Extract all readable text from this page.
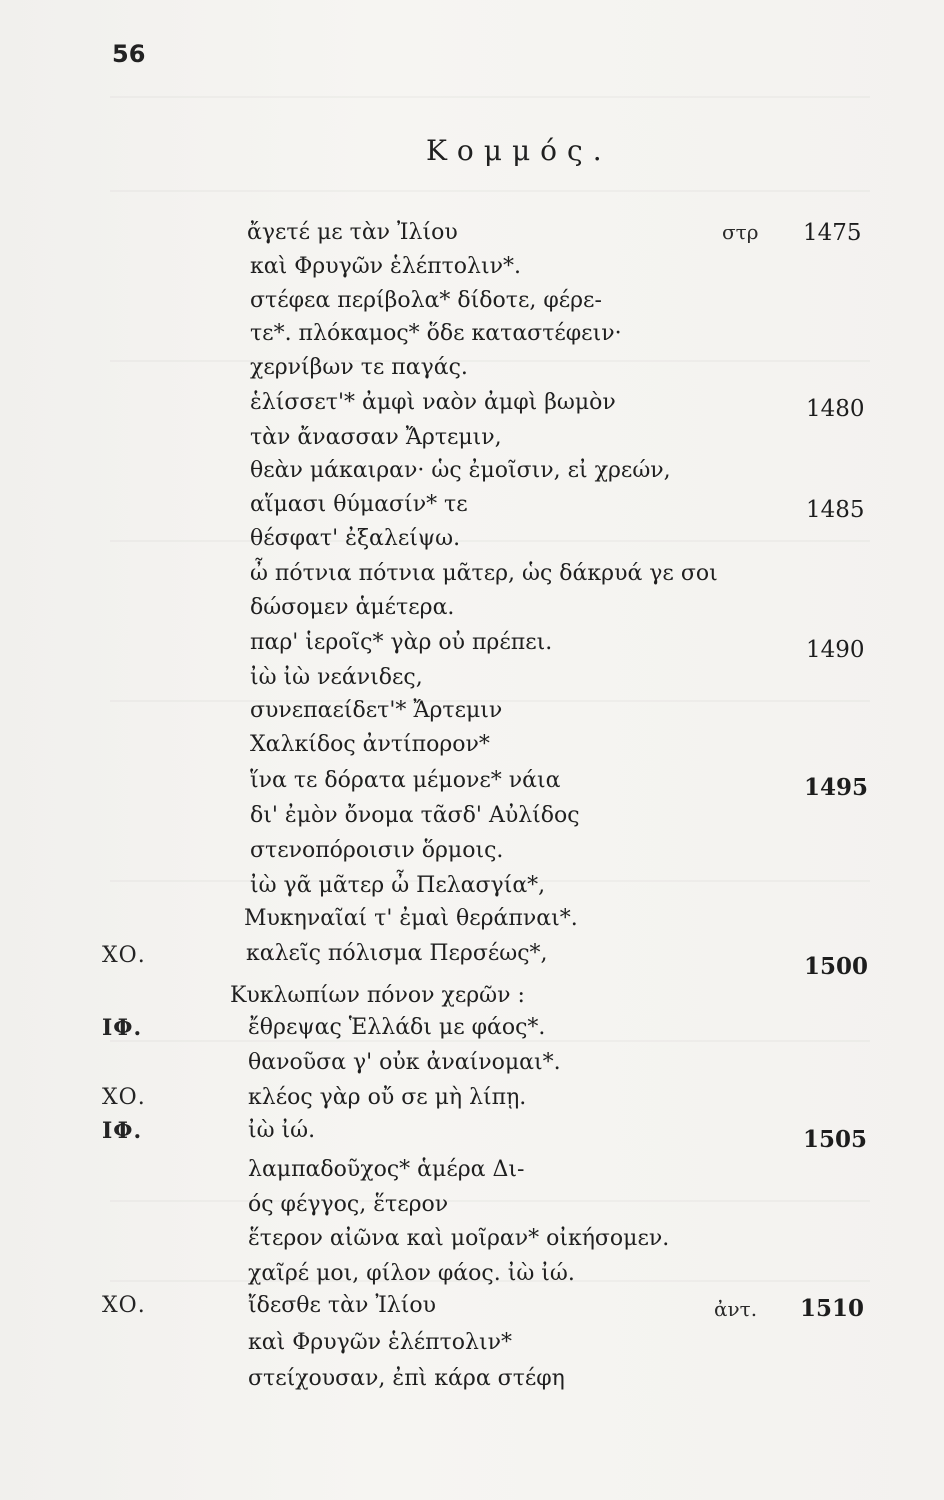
56
Κομμός.
ἄγετέ με τὰν Ἰλίου	στρ 1475
καὶ Φρυγῶν ἑλέπτολιν*.
στέφεα περίβολα* δίδοτε, φέρε-
τε*. πλόκαμος* ὅδε καταστέφειν·
χερνίβων τε παγάς.
ἑλίσσετ'* ἀμφὶ ναὸν ἀμφὶ βωμὸν	1480
τὰν ἄνασσαν Ἄρτεμιν,
θεὰν μάκαιραν· ὡς ἐμοῖσιν, εἰ χρεών,
αἵμασι θύμασίν* τε	1485
θέσφατ' ἐξαλείψω.
ὦ πότνια πότνια μᾶτερ, ὡς δάκρυά γε σοι
δώσομεν ἁμέτερα.
παρ' ἱεροῖς* γὰρ οὐ πρέπει.	1490
ἰὼ ἰὼ νεάνιδες,
συνεπαείδετ'* Ἄρτεμιν
Χαλκίδος ἀντίπορον*
ἵνα τε δόρατα μέμονε* νάια	1495
δι' ἐμὸν ὄνομα τᾶσδ' Αὐλίδος
στενοπόροισιν ὅρμοις.
ἰὼ γᾶ μᾶτερ ὦ Πελασγία*,
Μυκηναῖαί τ' ἐμαὶ θεράπναι*.
ΧΟ.	καλεῖς πόλισμα Περσέως*,	1500
Κυκλωπίων πόνον χερῶν :
ΙΦ.	ἔθρεψας Ἑλλάδι με φάος*.
θανοῦσα γ' οὐκ ἀναίνομαι*.
ΧΟ.	κλέος γὰρ οὔ σε μὴ λίπῃ.
ΙΦ.	ἰὼ ἰώ.	1505
λαμπαδοῦχος* ἁμέρα Δι-
ός φέγγος, ἕτερον
ἕτερον αἰῶνα καὶ μοῖραν* οἰκήσομεν.
χαῖρέ μοι, φίλον φάος. ἰὼ ἰώ.
ΧΟ.	ἴδεσθε τὰν Ἰλίου	ἀντ. 1510
καὶ Φρυγῶν ἑλέπτολιν*
στείχουσαν, ἐπὶ κάρα στέφη
